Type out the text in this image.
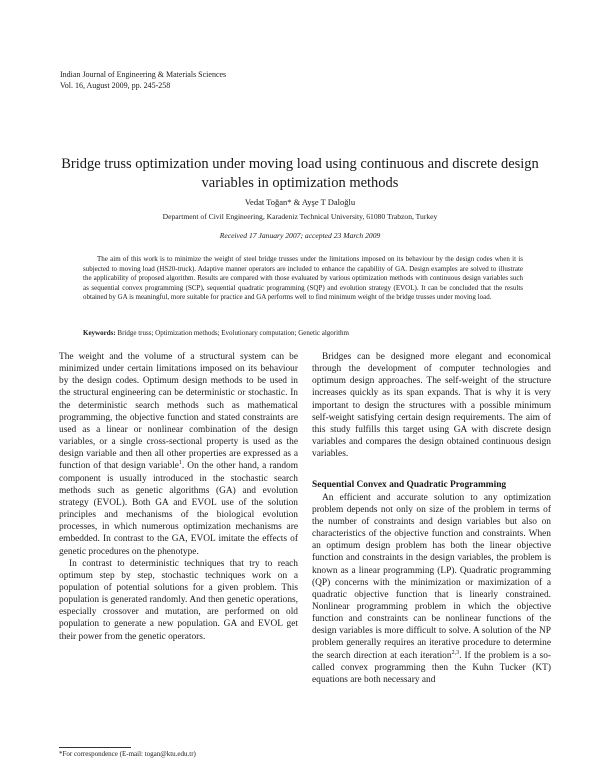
Indian Journal of Engineering & Materials Sciences
Vol. 16, August 2009, pp. 245-258
Bridge truss optimization under moving load using continuous and discrete design variables in optimization methods
Vedat Toğan* & Ayşe T Daloğlu
Department of Civil Engineering, Karadeniz Technical University, 61080 Trabzon, Turkey
Received 17 January 2007; accepted 23 March 2009
The aim of this work is to minimize the weight of steel bridge trusses under the limitations imposed on its behaviour by the design codes when it is subjected to moving load (HS20-truck). Adaptive manner operators are included to enhance the capability of GA. Design examples are solved to illustrate the applicability of proposed algorithm. Results are compared with those evaluated by various optimization methods with continuous design variables such as sequential convex programming (SCP), sequential quadratic programming (SQP) and evolution strategy (EVOL). It can be concluded that the results obtained by GA is meaningful, more suitable for practice and GA performs well to find minimum weight of the bridge trusses under moving load.
Keywords: Bridge truss; Optimization methods; Evolutionary computation; Genetic algorithm

The weight and the volume of a structural system can be minimized under certain limitations imposed on its behaviour by the design codes. Optimum design methods to be used in the structural engineering can be deterministic or stochastic. In the deterministic search methods such as mathematical programming, the objective function and stated constraints are used as a linear or nonlinear combination of the design variables, or a single cross-sectional property is used as the design variable and then all other properties are expressed as a function of that design variable$^1$. On the other hand, a random component is usually introduced in the stochastic search methods such as genetic algorithms (GA) and evolution strategy (EVOL). Both GA and EVOL use of the solution principles and mechanisms of the biological evolution processes, in which numerous optimization mechanisms are embedded. In contrast to the GA, EVOL imitate the effects of genetic procedures on the phenotype.

In contrast to deterministic techniques that try to reach optimum step by step, stochastic techniques work on a population of potential solutions for a given problem. This population is generated randomly. And then genetic operations, especially crossover and mutation, are performed on old population to generate a new population. GA and EVOL get their power from the genetic operators.

Bridges can be designed more elegant and economical through the development of computer technologies and optimum design approaches. The self-weight of the structure increases quickly as its span expands. That is why it is very important to design the structures with a possible minimum self-weight satisfying certain design requirements. The aim of this study fulfills this target using GA with discrete design variables and compares the design obtained continuous design variables.

Sequential Convex and Quadratic Programming

An efficient and accurate solution to any optimization problem depends not only on size of the problem in terms of the number of constraints and design variables but also on characteristics of the objective function and constraints. When an optimum design problem has both the linear objective function and constraints in the design variables, the problem is known as a linear programming (LP). Quadratic programming (QP) concerns with the minimization or maximization of a quadratic objective function that is linearly constrained. Nonlinear programming problem in which the objective function and constraints can be nonlinear functions of the design variables is more difficult to solve. A solution of the NP problem generally requires an iterative procedure to determine the search direction at each iteration$^{2,3}$. If the problem is a so-called convex programming then the Kuhn Tucker (KT) equations are both necessary and

*For correspondence (E-mail: togan@ktu.edu.tr)
